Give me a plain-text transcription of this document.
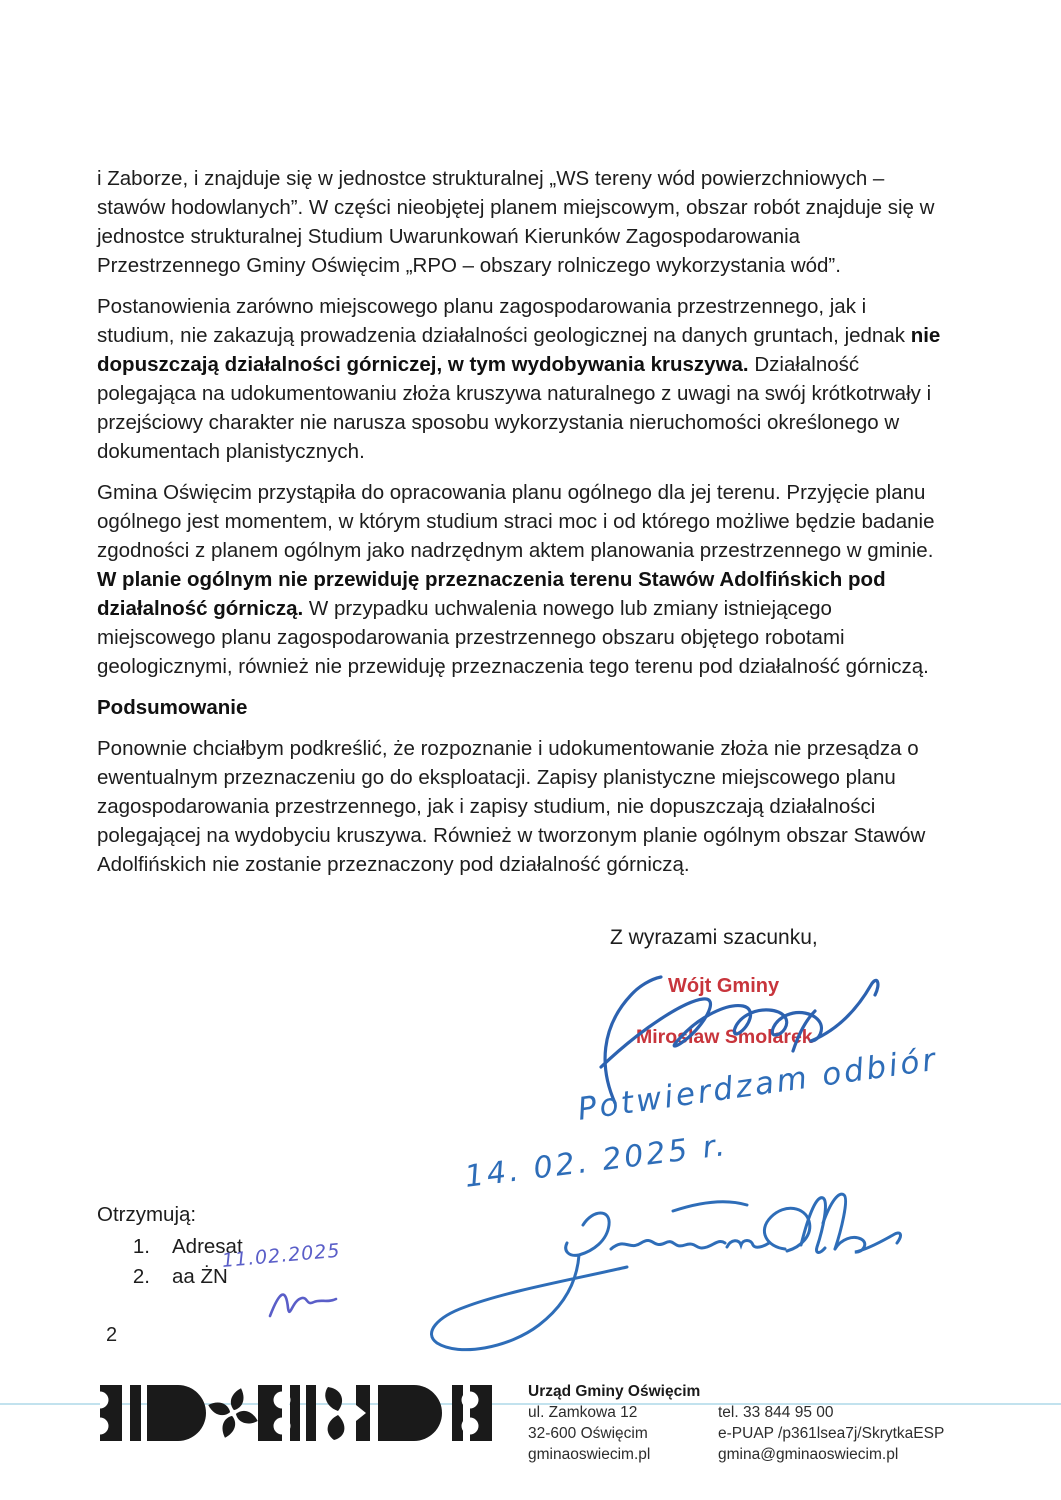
i Zaborze, i znajduje się w jednostce strukturalnej „WS tereny wód powierzchniowych – stawów hodowlanych”. W części nieobjętej planem miejscowym, obszar robót znajduje się w jednostce strukturalnej Studium Uwarunkowań Kierunków Zagospodarowania Przestrzennego Gminy Oświęcim „RPO – obszary rolniczego wykorzystania wód”.

Postanowienia zarówno miejscowego planu zagospodarowania przestrzennego, jak i studium, nie zakazują prowadzenia działalności geologicznej na danych gruntach, jednak nie dopuszczają działalności górniczej, w tym wydobywania kruszywa. Działalność polegająca na udokumentowaniu złoża kruszywa naturalnego z uwagi na swój krótkotrwały i przejściowy charakter nie narusza sposobu wykorzystania nieruchomości określonego w dokumentach planistycznych.

Gmina Oświęcim przystąpiła do opracowania planu ogólnego dla jej terenu. Przyjęcie planu ogólnego jest momentem, w którym studium straci moc i od którego możliwe będzie badanie zgodności z planem ogólnym jako nadrzędnym aktem planowania przestrzennego w gminie. W planie ogólnym nie przewiduję przeznaczenia terenu Stawów Adolfińskich pod działalność górniczą. W przypadku uchwalenia nowego lub zmiany istniejącego miejscowego planu zagospodarowania przestrzennego obszaru objętego robotami geologicznymi, również nie przewiduję przeznaczenia tego terenu pod działalność górniczą.

Podsumowanie

Ponownie chciałbym podkreślić, że rozpoznanie i udokumentowanie złoża nie przesądza o ewentualnym przeznaczeniu go do eksploatacji. Zapisy planistyczne miejscowego planu zagospodarowania przestrzennego, jak i zapisy studium, nie dopuszczają działalności polegającej na wydobyciu kruszywa. Również w tworzonym planie ogólnym obszar Stawów Adolfińskich nie zostanie przeznaczony pod działalność górniczą.

Z wyrazami szacunku,
Wójt Gminy
Mirosław Smolarek
Potwierdzam odbiór
14. 02. 2025 r.
Otrzymują:
1.	Adresat
2.	aa ŻN
11.02.2025
2
Urząd Gminy Oświęcim
ul. Zamkowa 12
32-600 Oświęcim
gminaoswiecim.pl
tel. 33 844 95 00
e-PUAP /p361lsea7j/SkrytkaESP
gmina@gminaoswiecim.pl
